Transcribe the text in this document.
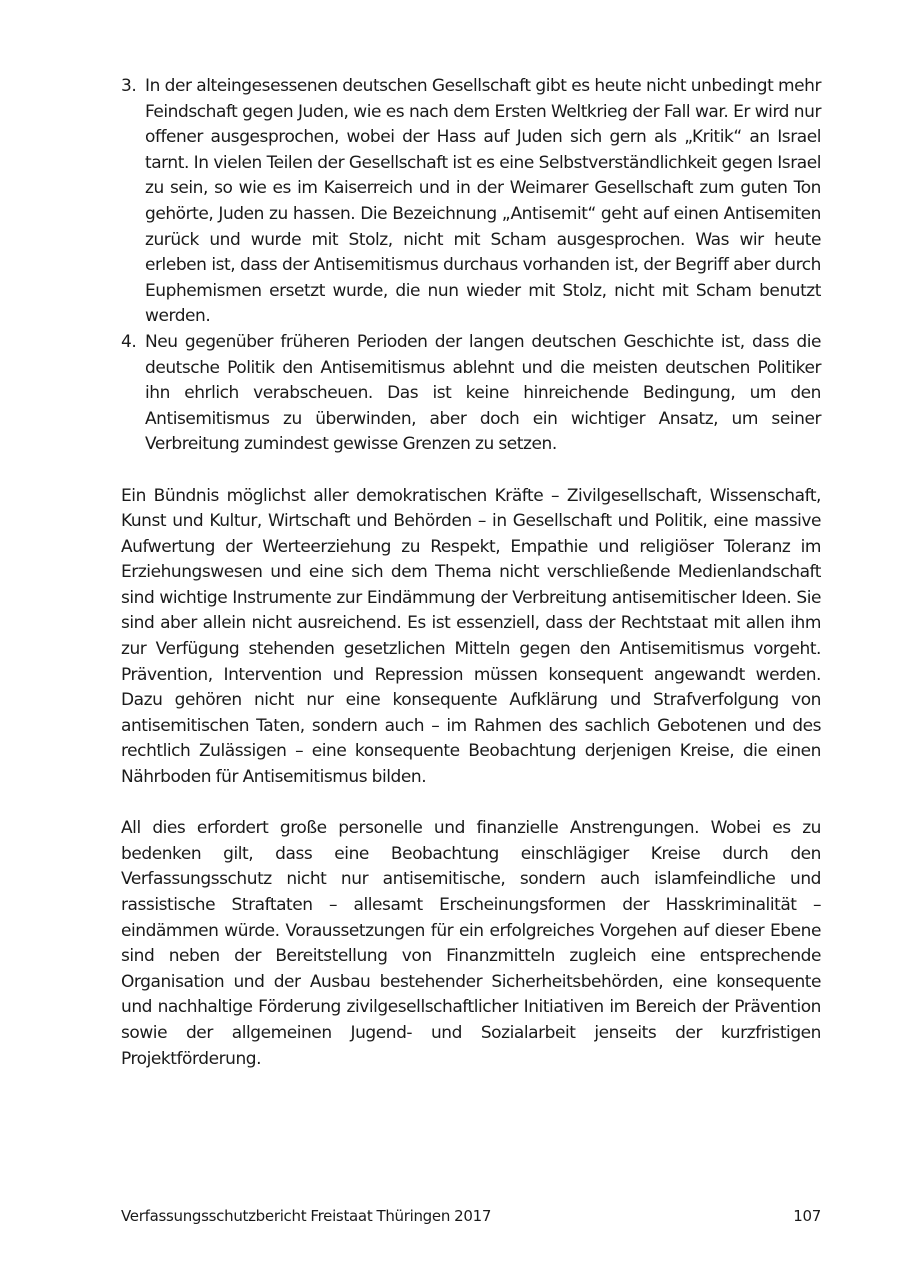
3. In der alteingesessenen deutschen Gesellschaft gibt es heute nicht unbedingt mehr Feindschaft gegen Juden, wie es nach dem Ersten Weltkrieg der Fall war. Er wird nur offener ausgesprochen, wobei der Hass auf Juden sich gern als „Kritik“ an Israel tarnt. In vielen Teilen der Gesellschaft ist es eine Selbstverständlichkeit gegen Israel zu sein, so wie es im Kaiserreich und in der Weimarer Gesellschaft zum guten Ton gehörte, Juden zu hassen. Die Bezeichnung „Antisemit“ geht auf einen Antisemiten zurück und wurde mit Stolz, nicht mit Scham ausgesprochen. Was wir heute erleben ist, dass der Antisemitismus durchaus vorhanden ist, der Begriff aber durch Euphemismen ersetzt wurde, die nun wieder mit Stolz, nicht mit Scham benutzt werden.
4. Neu gegenüber früheren Perioden der langen deutschen Geschichte ist, dass die deutsche Politik den Antisemitismus ablehnt und die meisten deutschen Politiker ihn ehrlich verabscheuen. Das ist keine hinreichende Bedingung, um den Antisemitismus zu überwinden, aber doch ein wichtiger Ansatz, um seiner Verbreitung zumindest gewisse Grenzen zu setzen.

Ein Bündnis möglichst aller demokratischen Kräfte – Zivilgesellschaft, Wissenschaft, Kunst und Kultur, Wirtschaft und Behörden – in Gesellschaft und Politik, eine massive Aufwertung der Werteerziehung zu Respekt, Empathie und religiöser Toleranz im Erziehungswesen und eine sich dem Thema nicht verschließende Medienlandschaft sind wichtige Instrumente zur Eindämmung der Verbreitung antisemitischer Ideen. Sie sind aber allein nicht ausreichend. Es ist essenziell, dass der Rechtstaat mit allen ihm zur Verfügung stehenden gesetzlichen Mitteln gegen den Antisemitismus vorgeht. Prävention, Intervention und Repression müssen konsequent angewandt werden. Dazu gehören nicht nur eine konsequente Aufklärung und Strafverfolgung von antisemitischen Taten, sondern auch – im Rahmen des sachlich Gebotenen und des rechtlich Zulässigen – eine konsequente Beobachtung derjenigen Kreise, die einen Nährboden für Antisemitismus bilden.

All dies erfordert große personelle und finanzielle Anstrengungen. Wobei es zu bedenken gilt, dass eine Beobachtung einschlägiger Kreise durch den Verfassungsschutz nicht nur antisemitische, sondern auch islamfeindliche und rassistische Straftaten – allesamt Erscheinungsformen der Hasskriminalität – eindämmen würde. Voraussetzungen für ein erfolgreiches Vorgehen auf dieser Ebene sind neben der Bereitstellung von Finanzmitteln zugleich eine entsprechende Organisation und der Ausbau bestehender Sicherheitsbehörden, eine konsequente und nachhaltige Förderung zivilgesellschaftlicher Initiativen im Bereich der Prävention sowie der allgemeinen Jugend- und Sozialarbeit jenseits der kurzfristigen Projektförderung.

Verfassungsschutzbericht Freistaat Thüringen 2017	107
